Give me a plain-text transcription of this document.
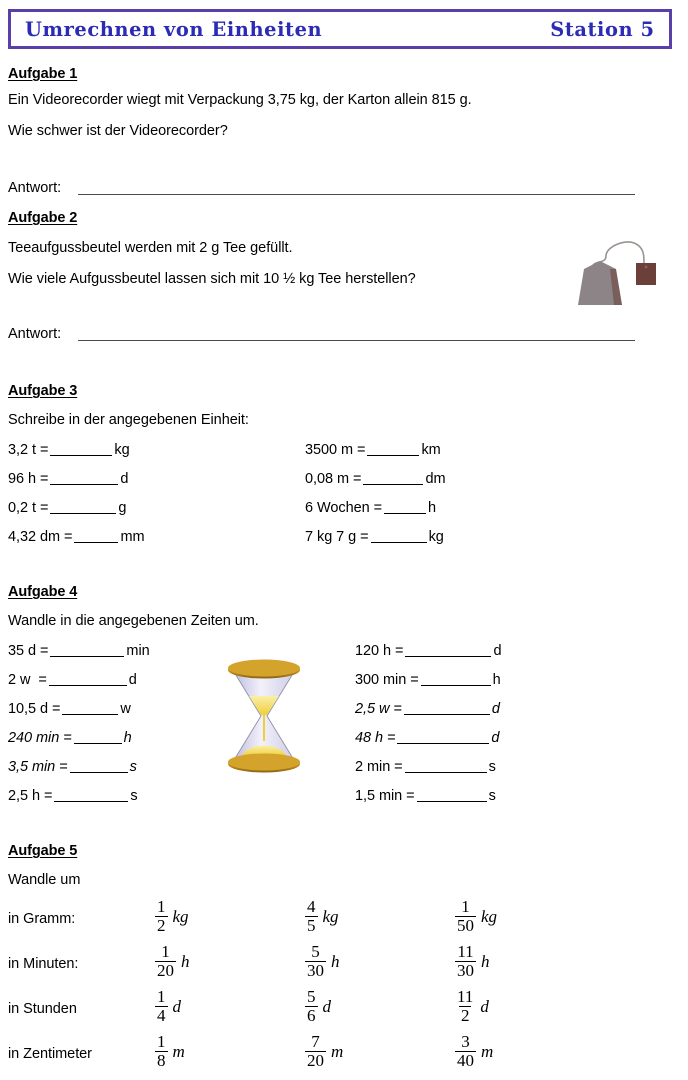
Umrechnen von Einheiten	Station 5
Aufgabe 1
Ein Videorecorder wiegt mit Verpackung 3,75 kg, der Karton allein 815 g.
Wie schwer ist der Videorecorder?
Antwort:
Aufgabe 2
Teeaufgussbeutel werden mit 2 g Tee gefüllt.
Wie viele Aufgussbeutel lassen sich mit 10 ½ kg Tee herstellen?
Antwort:
Aufgabe 3
Schreibe in der angegebenen Einheit:
3,2 t =	kg
96 h =	d
0,2 t =	g
4,32 dm =	mm
3500 m =	km
0,08 m =	dm
6 Wochen =	h
7 kg 7 g =	kg
Aufgabe 4
Wandle in die angegebenen Zeiten um.
35 d =	min
2 w  =	d
10,5 d =	w
240 min =	h
3,5 min =	s
2,5 h =	s
120 h =	d
300 min =	h
2,5 w =	d
48 h =	d
2 min =	s
1,5 min =	s
Aufgabe 5
Wandle um
in Gramm:	$\frac{1}{2}$ kg	$\frac{4}{5}$ kg	$\frac{1}{50}$ kg
in Minuten:	$\frac{1}{20}$ h	$\frac{5}{30}$ h	$\frac{11}{30}$ h
in Stunden	$\frac{1}{4}$ d	$\frac{5}{6}$ d	$\frac{11}{2}$ d
in Zentimeter	$\frac{1}{8}$ m	$\frac{7}{20}$ m	$\frac{3}{40}$ m
